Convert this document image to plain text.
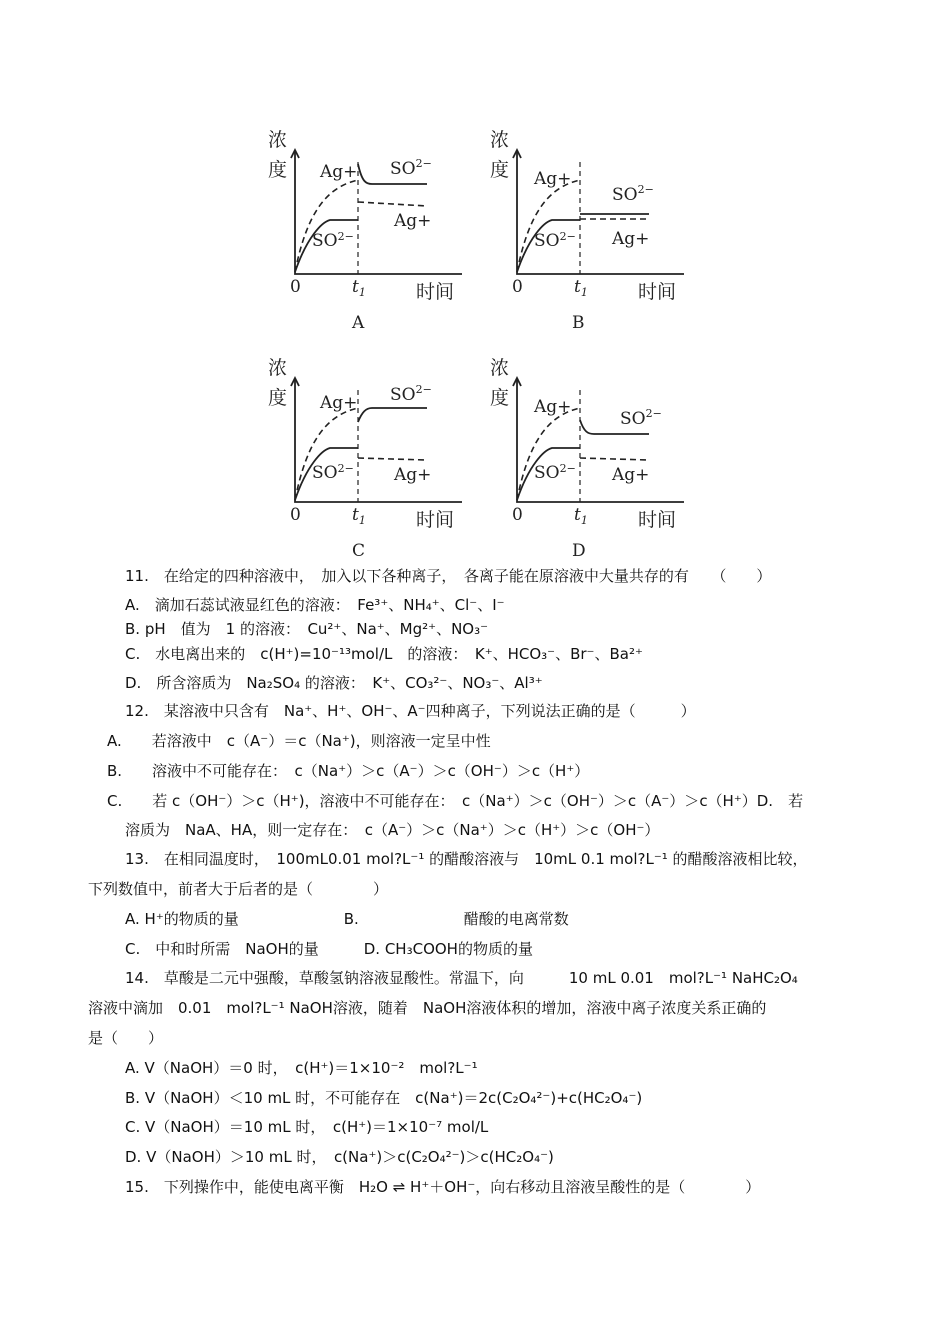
浓
度 $Ag+ SO^{2-}$
Ag+
$SO^{2-}$
0	$t_1$	时间
A
浓
度 Ag+
$SO^{2-}$
Ag+
$SO^{2-}$
0	$t_1$	时间
B
浓
度 $Ag+ SO^{2-}$
Ag+
$SO^{2-}$
0	$t_1$	时间
C
浓
度 Ag+
$SO^{2-}$
Ag+
$SO^{2-}$
0	$t_1$	时间
D
11.　在给定的四种溶液中，　加入以下各种离子，　各离子能在原溶液中大量共存的有　　（　　）
A.　滴加石蕊试液显红色的溶液：　Fe³⁺、NH₄⁺、Cl⁻、I⁻
B. pH　值为　1 的溶液：　Cu²⁺、Na⁺、Mg²⁺、NO₃⁻
C.　水电离出来的　c(H⁺)=10⁻¹³mol/L　的溶液：　K⁺、HCO₃⁻、Br⁻、Ba²⁺
D.　所含溶质为　Na₂SO₄ 的溶液：　K⁺、CO₃²⁻、NO₃⁻、Al³⁺
12.　某溶液中只含有　Na⁺、H⁺、OH⁻、A⁻四种离子，下列说法正确的是（　　　）
A.　　若溶液中　c（A⁻）＝c（Na⁺)，则溶液一定呈中性
B.　　溶液中不可能存在：　c（Na⁺）＞c（A⁻）＞c（OH⁻）＞c（H⁺）
C.　　若 c（OH⁻）＞c（H⁺)，溶液中不可能存在：　c（Na⁺）＞c（OH⁻）＞c（A⁻）＞c（H⁺）D.　若
溶质为　NaA、HA，则一定存在：　c（A⁻）＞c（Na⁺）＞c（H⁺）＞c（OH⁻）
13.　在相同温度时，　100mL0.01 mol?L⁻¹ 的醋酸溶液与　10mL 0.1 mol?L⁻¹ 的醋酸溶液相比较，
下列数值中，前者大于后者的是（　　　　）
A. H⁺的物质的量　　　　　　　B.　　　　　　　醋酸的电离常数
C.　中和时所需　NaOH的量　　　D. CH₃COOH的物质的量
14.　草酸是二元中强酸，草酸氢钠溶液显酸性。常温下，向　　　10 mL 0.01　mol?L⁻¹ NaHC₂O₄
溶液中滴加　0.01　mol?L⁻¹ NaOH溶液，随着　NaOH溶液体积的增加，溶液中离子浓度关系正确的
是（　　）
A. V（NaOH）＝0 时，　c(H⁺)＝1×10⁻²　mol?L⁻¹
B. V（NaOH）＜10 mL 时，不可能存在　c(Na⁺)＝2c(C₂O₄²⁻)+c(HC₂O₄⁻)
C. V（NaOH）＝10 mL 时，　c(H⁺)＝1×10⁻⁷ mol/L
D. V（NaOH）＞10 mL 时，　c(Na⁺)＞c(C₂O₄²⁻)＞c(HC₂O₄⁻)
15.　下列操作中，能使电离平衡　H₂O ⇌ H⁺＋OH⁻，向右移动且溶液呈酸性的是（　　　　）
